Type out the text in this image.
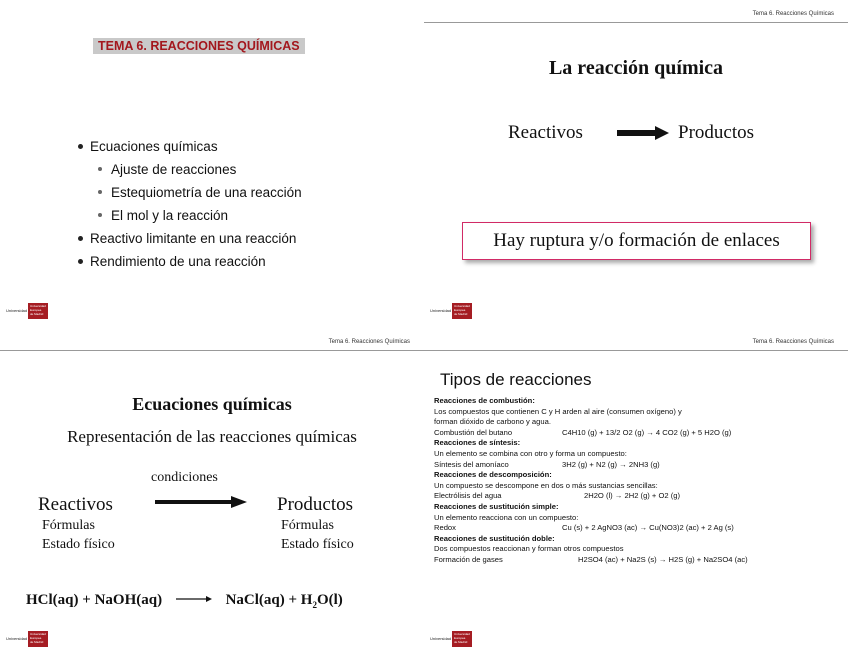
TEMA 6. REACCIONES QUÍMICAS
Ecuaciones químicas
Ajuste de reacciones
Estequiometría de una reacción
El mol y la reacción
Reactivo limitante en una reacción
Rendimiento de una reacción
Universidad
Universidad
Europea
de Madrid
Tema 6. Reacciones Químicas
La reacción química
Reactivos	Productos
Hay ruptura y/o formación de enlaces
Universidad
Universidad
Europea
de Madrid
Tema 6. Reacciones Químicas
Ecuaciones químicas
Representación de las reacciones químicas
condiciones
Reactivos
Fórmulas
Estado físico
Productos
Fórmulas
Estado físico
HCl(aq) + NaOH(aq)	NaCl(aq) + $H_2O(l)$
Universidad
Universidad
Europea
de Madrid
Tema 6. Reacciones Químicas
Tipos de reacciones
Reacciones de combustión:
Los compuestos que contienen C y H arden al aire (consumen oxígeno) y
forman dióxido de carbono y agua.
Combustión del butano	C4H10 (g) + 13/2 O2 (g) → 4 CO2 (g) + 5 H2O (g)
Reacciones de síntesis:
Un elemento se combina con otro y forma un compuesto:
Síntesis del amoníaco	3H2 (g) + N2 (g) → 2NH3 (g)
Reacciones de descomposición:
Un compuesto se descompone en dos o más sustancias sencillas:
Electrólisis del agua	2H2O (l) → 2H2 (g) + O2 (g)
Reacciones de sustitución simple:
Un elemento reacciona con un compuesto:
Redox	Cu (s) + 2 AgNO3 (ac) → Cu(NO3)2 (ac) + 2 Ag (s)
Reacciones de sustitución doble:
Dos compuestos reaccionan y forman otros compuestos
Formación de gases	H2SO4 (ac) + Na2S (s) → H2S (g) + Na2SO4 (ac)
Universidad
Universidad
Europea
de Madrid
